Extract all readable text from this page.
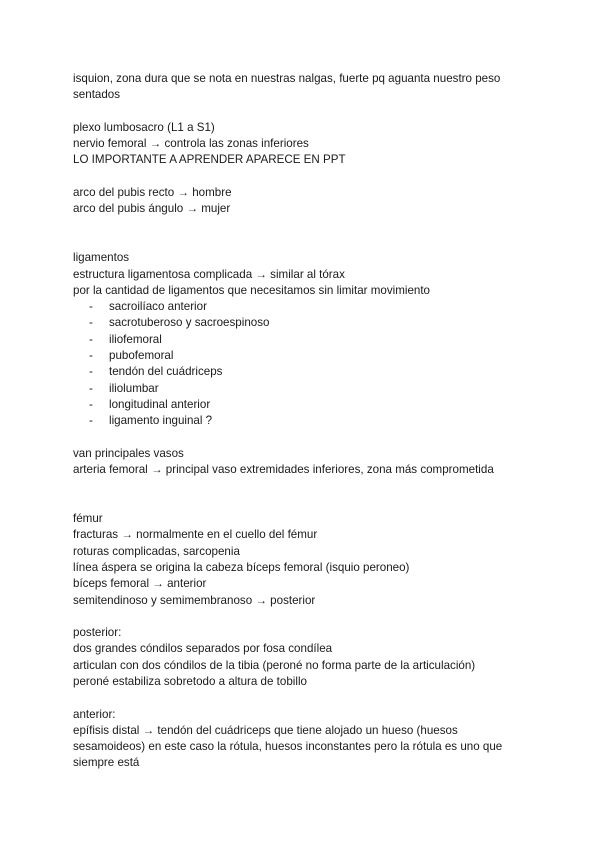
isquion, zona dura que se nota en nuestras nalgas, fuerte pq aguanta nuestro peso
sentados
plexo lumbosacro (L1 a S1)
nervio femoral → controla las zonas inferiores
LO IMPORTANTE A APRENDER APARECE EN PPT
arco del pubis recto → hombre
arco del pubis ángulo → mujer
ligamentos
estructura ligamentosa complicada → similar al tórax
por la cantidad de ligamentos que necesitamos sin limitar movimiento
- sacroilíaco anterior
- sacrotuberoso y sacroespinoso
- iliofemoral
- pubofemoral
- tendón del cuádriceps
- iliolumbar
- longitudinal anterior
- ligamento inguinal ?
van principales vasos
arteria femoral → principal vaso extremidades inferiores, zona más comprometida
fémur
fracturas → normalmente en el cuello del fémur
roturas complicadas, sarcopenia
línea áspera se origina la cabeza bíceps femoral (isquio peroneo)
bíceps femoral → anterior
semitendinoso y semimembranoso → posterior
posterior:
dos grandes cóndilos separados por fosa condílea
articulan con dos cóndilos de la tibia (peroné no forma parte de la articulación)
peroné estabiliza sobretodo a altura de tobillo
anterior:
epífisis distal → tendón del cuádriceps que tiene alojado un hueso (huesos
sesamoideos) en este caso la rótula, huesos inconstantes pero la rótula es uno que
siempre está
